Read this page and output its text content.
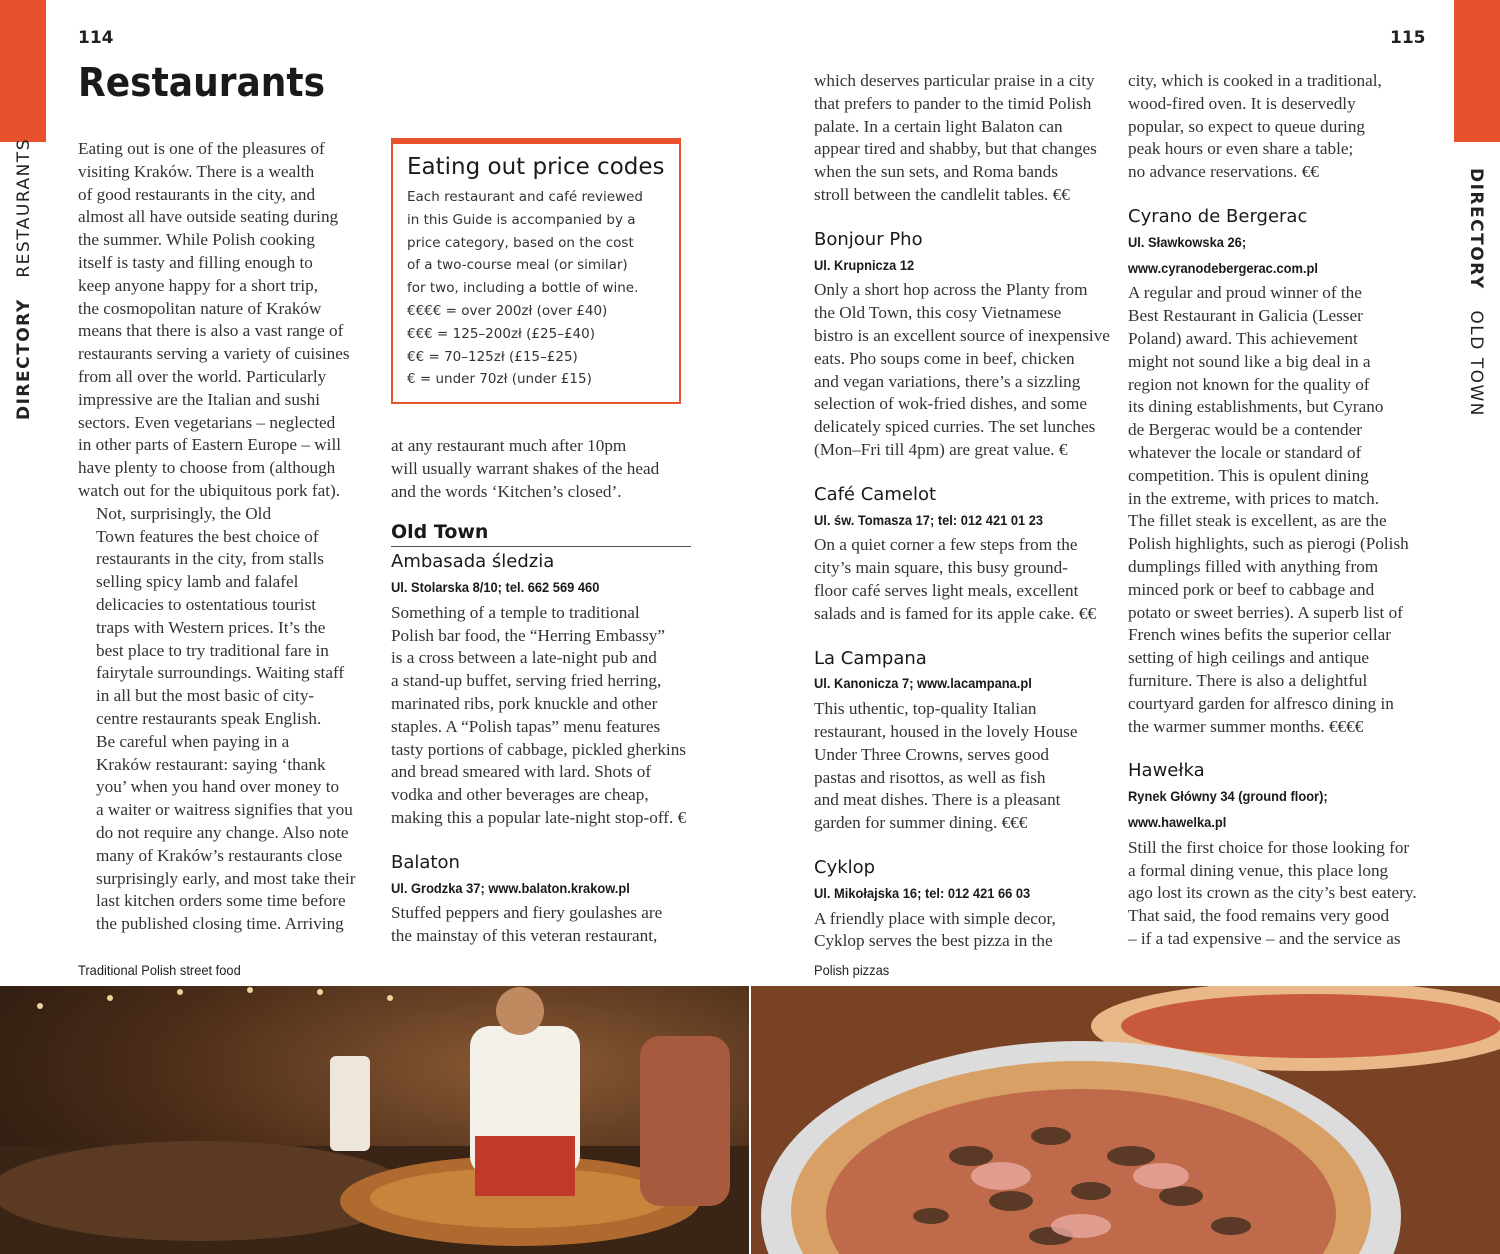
114	115
DIRECTORY   RESTAURANTS	DIRECTORY   OLD TOWN
Restaurants

Eating out is one of the pleasures of
visiting Kraków. There is a wealth
of good restaurants in the city, and
almost all have outside seating during
the summer. While Polish cooking
itself is tasty and filling enough to
keep anyone happy for a short trip,
the cosmopolitan nature of Kraków
means that there is also a vast range of
restaurants serving a variety of cuisines
from all over the world. Particularly
impressive are the Italian and sushi
sectors. Even vegetarians – neglected
in other parts of Eastern Europe – will
have plenty to choose from (although
watch out for the ubiquitous pork fat).

Not, surprisingly, the Old
Town features the best choice of
restaurants in the city, from stalls
selling spicy lamb and falafel
delicacies to ostentatious tourist
traps with Western prices. It’s the
best place to try traditional fare in
fairytale surroundings. Waiting staff
in all but the most basic of city-
centre restaurants speak English.

Be careful when paying in a
Kraków restaurant: saying ‘thank
you’ when you hand over money to
a waiter or waitress signifies that you
do not require any change. Also note
many of Kraków’s restaurants close
surprisingly early, and most take their
last kitchen orders some time before
the published closing time. Arriving

Eating out price codes
Each restaurant and café reviewed
in this Guide is accompanied by a
price category, based on the cost
of a two-course meal (or similar)
for two, including a bottle of wine.
€€€€ = over 200zł (over £40)
€€€ = 125–200zł (£25–£40)
€€ = 70–125zł (£15–£25)
€ = under 70zł (under £15)

at any restaurant much after 10pm
will usually warrant shakes of the head
and the words ‘Kitchen’s closed’.

Old Town
Ambasada śledzia
Ul. Stolarska 8/10; tel. 662 569 460

Something of a temple to traditional
Polish bar food, the “Herring Embassy”
is a cross between a late-night pub and
a stand-up buffet, serving fried herring,
marinated ribs, pork knuckle and other
staples. A “Polish tapas” menu features
tasty portions of cabbage, pickled gherkins
and bread smeared with lard. Shots of
vodka and other beverages are cheap,
making this a popular late-night stop-off. €

Balaton
Ul. Grodzka 37; www.balaton.krakow.pl

Stuffed peppers and fiery goulashes are
the mainstay of this veteran restaurant,

which deserves particular praise in a city
that prefers to pander to the timid Polish
palate. In a certain light Balaton can
appear tired and shabby, but that changes
when the sun sets, and Roma bands
stroll between the candlelit tables. €€

Bonjour Pho
Ul. Krupnicza 12

Only a short hop across the Planty from
the Old Town, this cosy Vietnamese
bistro is an excellent source of inexpensive
eats. Pho soups come in beef, chicken
and vegan variations, there’s a sizzling
selection of wok-fried dishes, and some
delicately spiced curries. The set lunches
(Mon–Fri till 4pm) are great value. €

Café Camelot
Ul. św. Tomasza 17; tel: 012 421 01 23

On a quiet corner a few steps from the
city’s main square, this busy ground-
floor café serves light meals, excellent
salads and is famed for its apple cake. €€

La Campana
Ul. Kanonicza 7; www.lacampana.pl

This uthentic, top-quality Italian
restaurant, housed in the lovely House
Under Three Crowns, serves good
pastas and risottos, as well as fish
and meat dishes. There is a pleasant
garden for summer dining. €€€

Cyklop
Ul. Mikołajska 16; tel: 012 421 66 03

A friendly place with simple decor,
Cyklop serves the best pizza in the

city, which is cooked in a traditional,
wood-fired oven. It is deservedly
popular, so expect to queue during
peak hours or even share a table;
no advance reservations. €€

Cyrano de Bergerac
Ul. Sławkowska 26;
www.cyranodebergerac.com.pl

A regular and proud winner of the
Best Restaurant in Galicia (Lesser
Poland) award. This achievement
might not sound like a big deal in a
region not known for the quality of
its dining establishments, but Cyrano
de Bergerac would be a contender
whatever the locale or standard of
competition. This is opulent dining
in the extreme, with prices to match.
The fillet steak is excellent, as are the
Polish highlights, such as pierogi (Polish
dumplings filled with anything from
minced pork or beef to cabbage and
potato or sweet berries). A superb list of
French wines befits the superior cellar
setting of high ceilings and antique
furniture. There is also a delightful
courtyard garden for alfresco dining in
the warmer summer months. €€€€

Hawełka
Rynek Główny 34 (ground floor);
www.hawelka.pl

Still the first choice for those looking for
a formal dining venue, this place long
ago lost its crown as the city’s best eatery.
That said, the food remains very good
– if a tad expensive – and the service as

Traditional Polish street food	Polish pizzas
